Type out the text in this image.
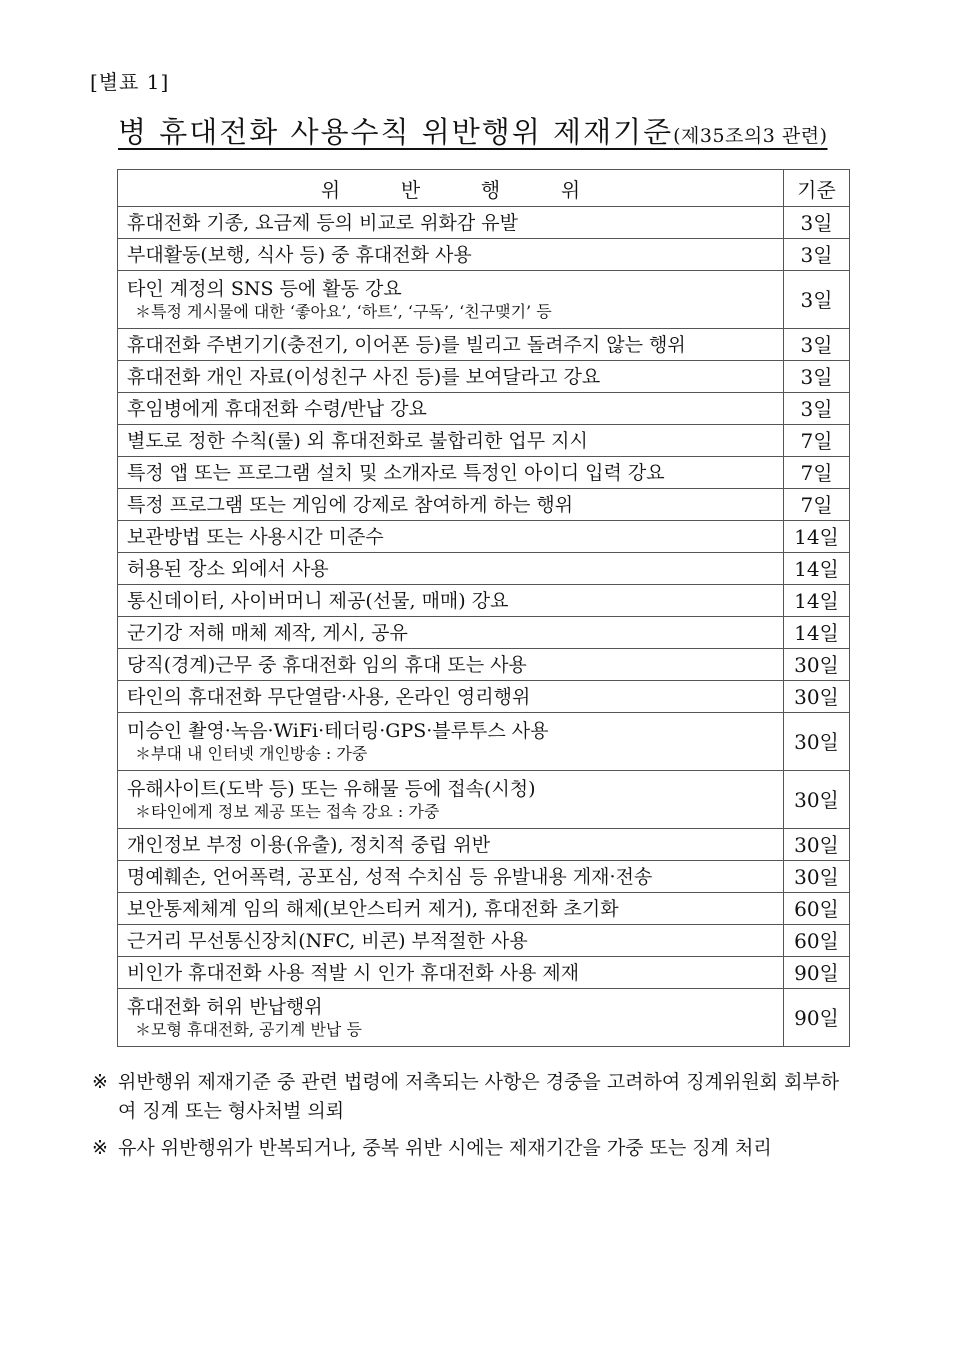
[별표 1]
병 휴대전화 사용수칙 위반행위 제재기준(제35조의3 관련)
위 반 행 위	기준
휴대전화 기종, 요금제 등의 비교로 위화감 유발	3일
부대활동(보행, 식사 등) 중 휴대전화 사용	3일
타인 계정의 SNS 등에 활동 강요
＊특정 게시물에 대한 ‘좋아요’, ‘하트’, ‘구독’, ‘친구맺기’ 등	3일
휴대전화 주변기기(충전기, 이어폰 등)를 빌리고 돌려주지 않는 행위	3일
휴대전화 개인 자료(이성친구 사진 등)를 보여달라고 강요	3일
후임병에게 휴대전화 수령/반납 강요	3일
별도로 정한 수칙(룰) 외 휴대전화로 불합리한 업무 지시	7일
특정 앱 또는 프로그램 설치 및 소개자로 특정인 아이디 입력 강요	7일
특정 프로그램 또는 게임에 강제로 참여하게 하는 행위	7일
보관방법 또는 사용시간 미준수	14일
허용된 장소 외에서 사용	14일
통신데이터, 사이버머니 제공(선물, 매매) 강요	14일
군기강 저해 매체 제작, 게시, 공유	14일
당직(경계)근무 중 휴대전화 임의 휴대 또는 사용	30일
타인의 휴대전화 무단열람·사용, 온라인 영리행위	30일
미승인 촬영·녹음·WiFi·테더링·GPS·블루투스 사용
＊부대 내 인터넷 개인방송 : 가중	30일
유해사이트(도박 등) 또는 유해물 등에 접속(시청)
＊타인에게 정보 제공 또는 접속 강요 : 가중	30일
개인정보 부정 이용(유출), 정치적 중립 위반	30일
명예훼손, 언어폭력, 공포심, 성적 수치심 등 유발내용 게재·전송	30일
보안통제체계 임의 해제(보안스티커 제거), 휴대전화 초기화	60일
근거리 무선통신장치(NFC, 비콘) 부적절한 사용	60일
비인가 휴대전화 사용 적발 시 인가 휴대전화 사용 제재	90일
휴대전화 허위 반납행위
＊모형 휴대전화, 공기계 반납 등	90일
※ 위반행위 제재기준 중 관련 법령에 저촉되는 사항은 경중을 고려하여 징계위원회 회부하여 징계 또는 형사처벌 의뢰
※ 유사 위반행위가 반복되거나, 중복 위반 시에는 제재기간을 가중 또는 징계 처리
